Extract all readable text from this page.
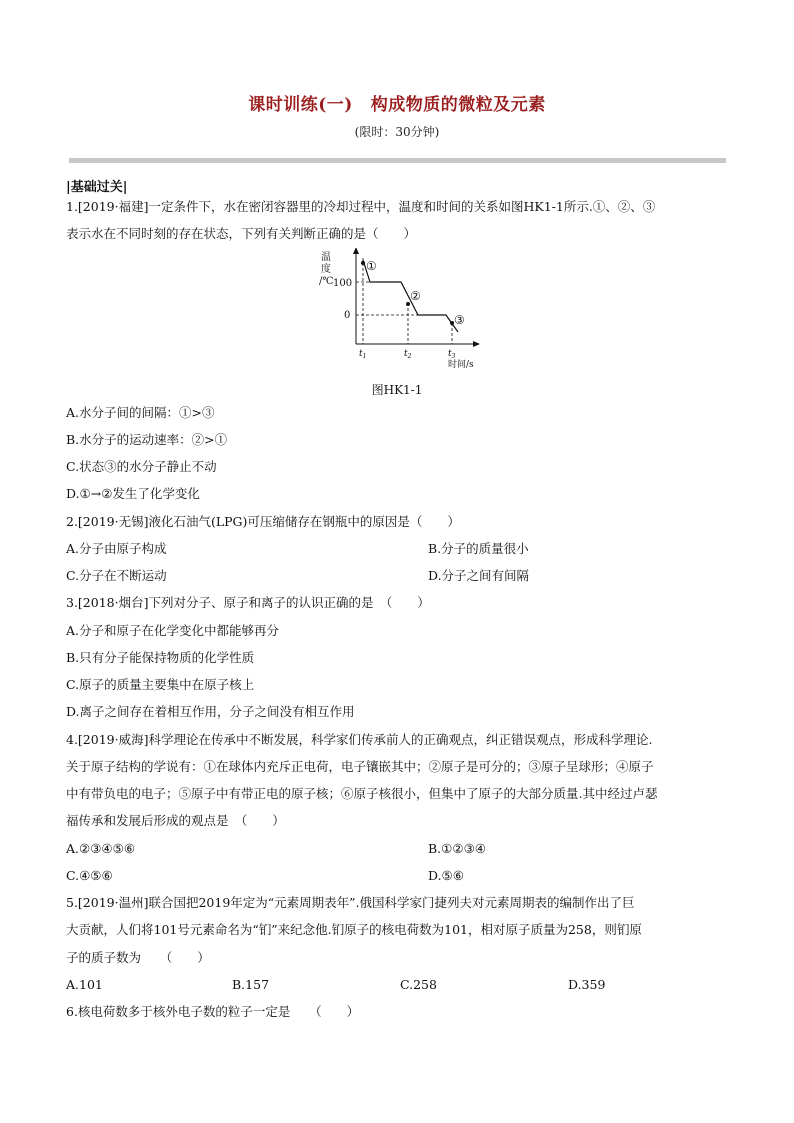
课时训练(一) 构成物质的微粒及元素
(限时：30分钟)
|基础过关|
1.[2019·福建]一定条件下，水在密闭容器里的冷却过程中，温度和时间的关系如图HK1-1所示.①、②、③
表示水在不同时刻的存在状态，下列有关判断正确的是（　　）
温
度
/℃ 100
0
①
②
③
$t_1$	$t_2$	$t_3$
时间/s
图HK1-1
A.水分子间的间隔：①>③
B.水分子的运动速率：②>①
C.状态③的水分子静止不动
D.①→②发生了化学变化
2.[2019·无锡]液化石油气(LPG)可压缩储存在钢瓶中的原因是（　　）
A.分子由原子构成	B.分子的质量很小
C.分子在不断运动	D.分子之间有间隔
3.[2018·烟台]下列对分子、原子和离子的认识正确的是　（　　）
A.分子和原子在化学变化中都能够再分
B.只有分子能保持物质的化学性质
C.原子的质量主要集中在原子核上
D.离子之间存在着相互作用，分子之间没有相互作用
4.[2019·威海]科学理论在传承中不断发展，科学家们传承前人的正确观点，纠正错误观点，形成科学理论.
关于原子结构的学说有：①在球体内充斥正电荷，电子镶嵌其中；②原子是可分的；③原子呈球形；④原子
中有带负电的电子；⑤原子中有带正电的原子核；⑥原子核很小，但集中了原子的大部分质量.其中经过卢瑟
福传承和发展后形成的观点是　（　　）
A.②③④⑤⑥	B.①②③④
C.④⑤⑥	D.⑤⑥
5.[2019·温州]联合国把2019年定为“元素周期表年”.俄国科学家门捷列夫对元素周期表的编制作出了巨
大贡献，人们将101号元素命名为“钔”来纪念他.钔原子的核电荷数为101，相对原子质量为258，则钔原
子的质子数为　　（　　）
A.101	B.157	C.258	D.359
6.核电荷数多于核外电子数的粒子一定是　　（　　）
